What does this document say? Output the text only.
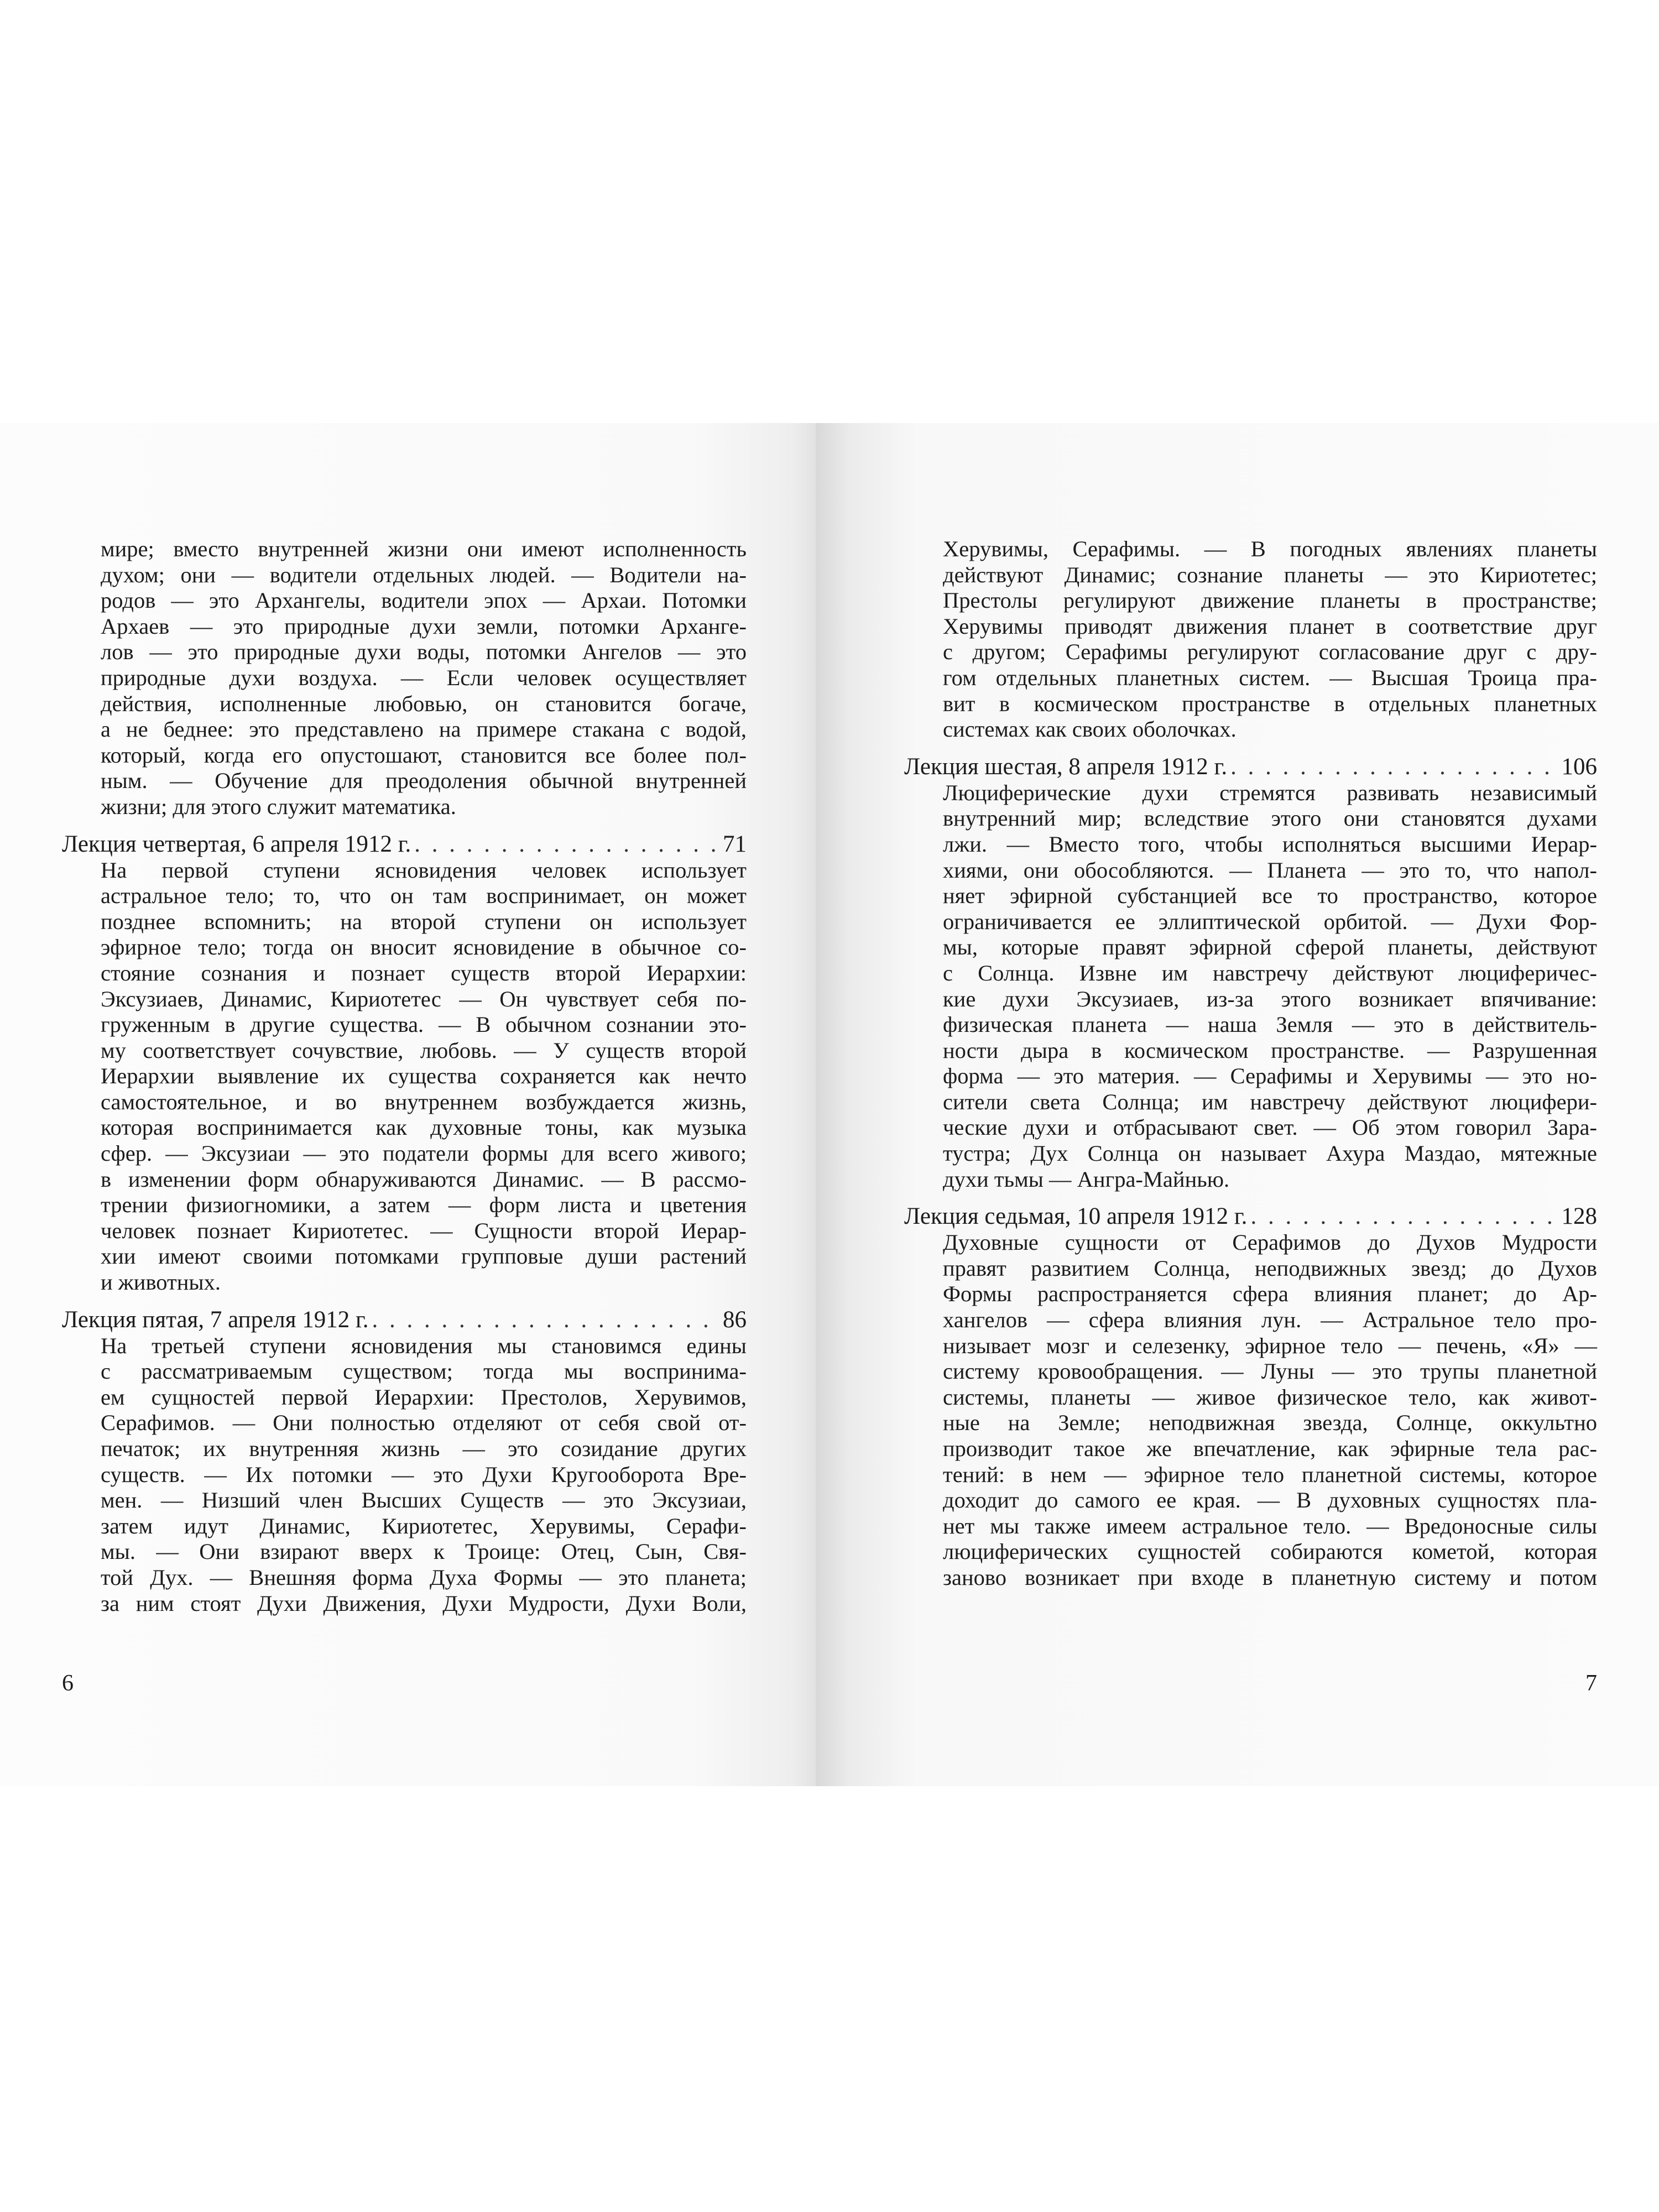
мире; вместо внутренней жизни они имеют исполненность
духом; они — водители отдельных людей. — Водители на-
родов — это Архангелы, водители эпох — Архаи. Потомки
Архаев — это природные духи земли, потомки Арханге-
лов — это природные духи воды, потомки Ангелов — это
природные духи воздуха. — Если человек осуществляет
действия, исполненные любовью, он становится богаче,
а не беднее: это представлено на примере стакана с водой,
который, когда его опустошают, становится все более пол-
ным. — Обучение для преодоления обычной внутренней
жизни; для этого служит математика.
Лекция четвертая, 6 апреля 1912 г. . . .	71
На первой ступени ясновидения человек использует
астральное тело; то, что он там воспринимает, он может
позднее вспомнить; на второй ступени он использует
эфирное тело; тогда он вносит ясновидение в обычное со-
стояние сознания и познает существ второй Иерархии:
Эксузиаев, Динамис, Кириотетес — Он чувствует себя по-
груженным в другие существа. — В обычном сознании это-
му соответствует сочувствие, любовь. — У существ второй
Иерархии выявление их существа сохраняется как нечто
самостоятельное, и во внутреннем возбуждается жизнь,
которая воспринимается как духовные тоны, как музыка
сфер. — Эксузиаи — это податели формы для всего живого;
в изменении форм обнаруживаются Динамис. — В рассмо-
трении физиогномики, а затем — форм листа и цветения
человек познает Кириотетес. — Сущности второй Иерар-
хии имеют своими потомками групповые души растений
и животных.
Лекция пятая, 7 апреля 1912 г. . . .	86
На третьей ступени ясновидения мы становимся едины
с рассматриваемым существом; тогда мы воспринима-
ем сущностей первой Иерархии: Престолов, Херувимов,
Серафимов. — Они полностью отделяют от себя свой от-
печаток; их внутренняя жизнь — это созидание других
существ. — Их потомки — это Духи Кругооборота Вре-
мен. — Низший член Высших Существ — это Эксузиаи,
затем идут Динамис, Кириотетес, Херувимы, Серафи-
мы. — Они взирают вверх к Троице: Отец, Сын, Свя-
той Дух. — Внешняя форма Духа Формы — это планета;
за ним стоят Духи Движения, Духи Мудрости, Духи Воли,
6
Херувимы, Серафимы. — В погодных явлениях планеты
действуют Динамис; сознание планеты — это Кириотетес;
Престолы регулируют движение планеты в пространстве;
Херувимы приводят движения планет в соответствие друг
с другом; Серафимы регулируют согласование друг с дру-
гом отдельных планетных систем. — Высшая Троица пра-
вит в космическом пространстве в отдельных планетных
системах как своих оболочках.
Лекция шестая, 8 апреля 1912 г. . . .	106
Люциферические духи стремятся развивать независимый
внутренний мир; вследствие этого они становятся духами
лжи. — Вместо того, чтобы исполняться высшими Иерар-
хиями, они обособляются. — Планета — это то, что напол-
няет эфирной субстанцией все то пространство, которое
ограничивается ее эллиптической орбитой. — Духи Фор-
мы, которые правят эфирной сферой планеты, действуют
с Солнца. Извне им навстречу действуют люциферичес-
кие духи Эксузиаев, из-за этого возникает впячивание:
физическая планета — наша Земля — это в действитель-
ности дыра в космическом пространстве. — Разрушенная
форма — это материя. — Серафимы и Херувимы — это но-
сители света Солнца; им навстречу действуют люцифери-
ческие духи и отбрасывают свет. — Об этом говорил Зара-
тустра; Дух Солнца он называет Ахура Маздао, мятежные
духи тьмы — Ангра-Майнью.
Лекция седьмая, 10 апреля 1912 г. . . .	128
Духовные сущности от Серафимов до Духов Мудрости
правят развитием Солнца, неподвижных звезд; до Духов
Формы распространяется сфера влияния планет; до Ар-
хангелов — сфера влияния лун. — Астральное тело про-
низывает мозг и селезенку, эфирное тело — печень, «Я» —
систему кровообращения. — Луны — это трупы планетной
системы, планеты — живое физическое тело, как живот-
ные на Земле; неподвижная звезда, Солнце, оккультно
производит такое же впечатление, как эфирные тела рас-
тений: в нем — эфирное тело планетной системы, которое
доходит до самого ее края. — В духовных сущностях пла-
нет мы также имеем астральное тело. — Вредоносные силы
люциферических сущностей собираются кометой, которая
заново возникает при входе в планетную систему и потом
7
